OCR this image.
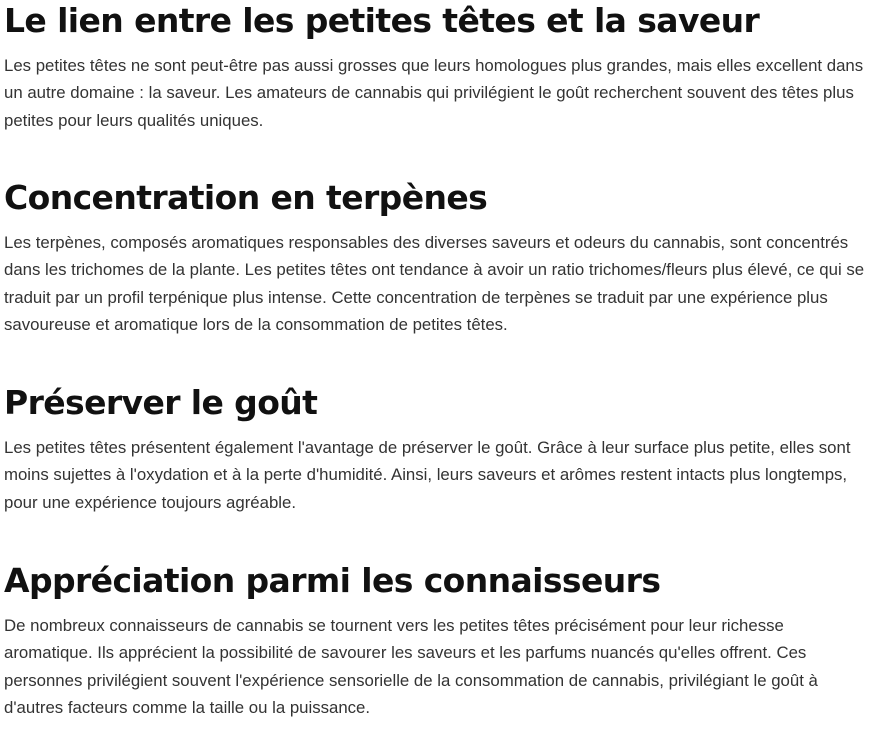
Le lien entre les petites têtes et la saveur

Les petites têtes ne sont peut-être pas aussi grosses que leurs homologues plus grandes, mais elles excellent dans un autre domaine : la saveur. Les amateurs de cannabis qui privilégient le goût recherchent souvent des têtes plus petites pour leurs qualités uniques.

Concentration en terpènes

Les terpènes, composés aromatiques responsables des diverses saveurs et odeurs du cannabis, sont concentrés dans les trichomes de la plante. Les petites têtes ont tendance à avoir un ratio trichomes/fleurs plus élevé, ce qui se traduit par un profil terpénique plus intense. Cette concentration de terpènes se traduit par une expérience plus savoureuse et aromatique lors de la consommation de petites têtes.

Préserver le goût

Les petites têtes présentent également l'avantage de préserver le goût. Grâce à leur surface plus petite, elles sont moins sujettes à l'oxydation et à la perte d'humidité. Ainsi, leurs saveurs et arômes restent intacts plus longtemps, pour une expérience toujours agréable.

Appréciation parmi les connaisseurs

De nombreux connaisseurs de cannabis se tournent vers les petites têtes précisément pour leur richesse aromatique. Ils apprécient la possibilité de savourer les saveurs et les parfums nuancés qu'elles offrent. Ces personnes privilégient souvent l'expérience sensorielle de la consommation de cannabis, privilégiant le goût à d'autres facteurs comme la taille ou la puissance.
